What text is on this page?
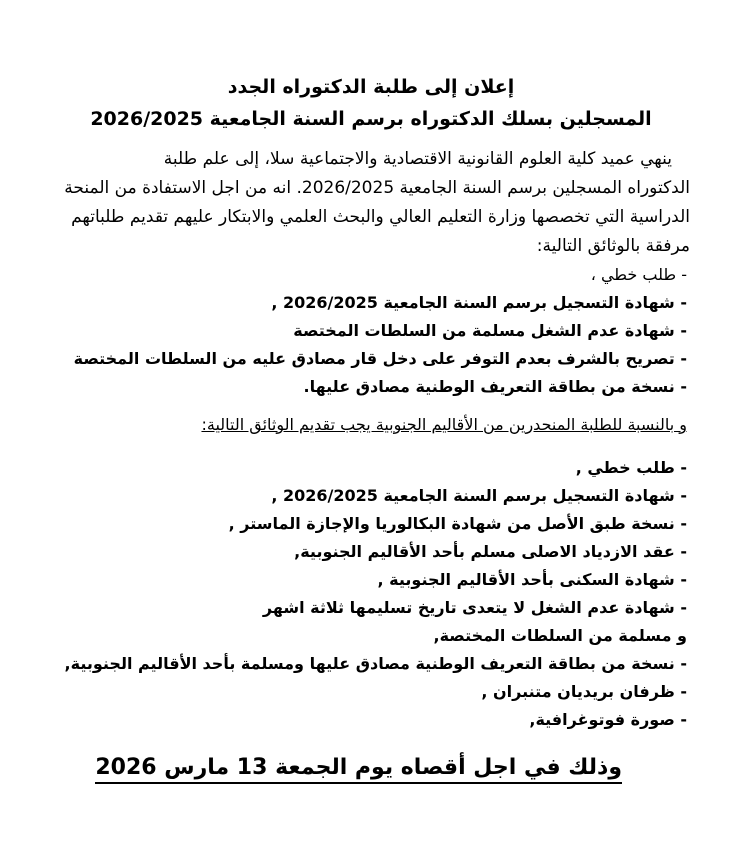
إعلان إلى طلبة الدكتوراه الجدد
المسجلين بسلك الدكتوراه برسم السنة الجامعية 2026/2025
ينهي عميد كلية العلوم القانونية الاقتصادية والاجتماعية سلا، إلى علم طلبة
الدكتوراه المسجلين برسم السنة الجامعية 2026/2025. انه من اجل الاستفادة من المنحة
الدراسية التي تخصصها وزارة التعليم العالي والبحث العلمي والابتكار عليهم تقديم طلباتهم
مرفقة بالوثائق التالية:
- طلب خطي ،
- شهادة التسجيل برسم السنة الجامعية 2026/2025 ,
- شهادة عدم الشغل مسلمة من السلطات المختصة
- تصريح بالشرف بعدم التوفر على دخل قار مصادق عليه من السلطات المختصة
- نسخة من بطاقة التعريف الوطنية مصادق عليها.
و بالنسبة للطلبة المنحدرين من الأقاليم الجنوبية يجب تقديم الوثائق التالية:
- طلب خطي ,
- شهادة التسجيل برسم السنة الجامعية 2026/2025 ,
- نسخة طبق الأصل من شهادة البكالوريا والإجازة الماستر ,
- عقد الازدياد الاصلى مسلم بأحد الأقاليم الجنوبية,
- شهادة السكنى بأحد الأقاليم الجنوبية ,
- شهادة عدم الشغل لا يتعدى تاريخ تسليمها ثلاثة اشهر
و مسلمة من السلطات المختصة,
- نسخة من بطاقة التعريف الوطنية مصادق عليها ومسلمة بأحد الأقاليم الجنوبية,
- ظرفان بريديان متنبران ,
- صورة فوتوغرافية,
وذلك في اجل أقصاه يوم الجمعة 13 مارس 2026
